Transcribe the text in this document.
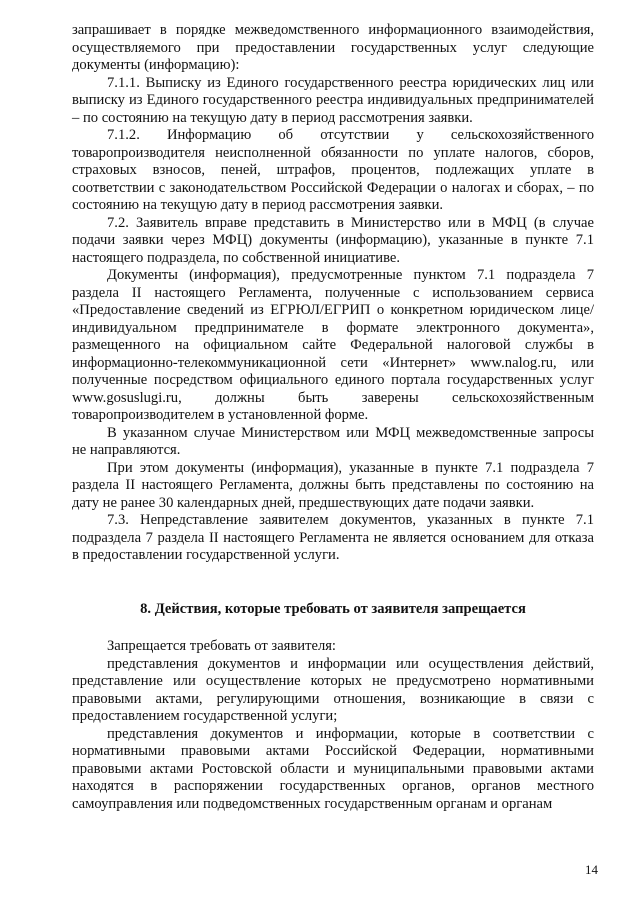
запрашивает в порядке межведомственного информационного взаимодействия, осуществляемого при предоставлении государственных услуг следующие документы (информацию):

7.1.1. Выписку из Единого государственного реестра юридических лиц или выписку из Единого государственного реестра индивидуальных предпринимателей – по состоянию на текущую дату в период рассмотрения заявки.

7.1.2. Информацию об отсутствии у сельскохозяйственного товаропроизводителя неисполненной обязанности по уплате налогов, сборов, страховых взносов, пеней, штрафов, процентов, подлежащих уплате в соответствии с законодательством Российской Федерации о налогах и сборах, – по состоянию на текущую дату в период рассмотрения заявки.

7.2. Заявитель вправе представить в Министерство или в МФЦ (в случае подачи заявки через МФЦ) документы (информацию), указанные в пункте 7.1 настоящего подраздела, по собственной инициативе.

Документы (информация), предусмотренные пунктом 7.1 подраздела 7 раздела II настоящего Регламента, полученные с использованием сервиса «Предоставление сведений из ЕГРЮЛ/ЕГРИП о конкретном юридическом лице/индивидуальном предпринимателе в формате электронного документа», размещенного на официальном сайте Федеральной налоговой службы в информационно-телекоммуникационной сети «Интернет» www.nalog.ru, или полученные посредством официального единого портала государственных услуг www.gosuslugi.ru, должны быть заверены сельскохозяйственным товаропроизводителем в установленной форме.

В указанном случае Министерством или МФЦ межведомственные запросы не направляются.

При этом документы (информация), указанные в пункте 7.1 подраздела 7 раздела II настоящего Регламента, должны быть представлены по состоянию на дату не ранее 30 календарных дней, предшествующих дате подачи заявки.

7.3. Непредставление заявителем документов, указанных в пункте 7.1 подраздела 7 раздела II настоящего Регламента не является основанием для отказа в предоставлении государственной услуги.

8. Действия, которые требовать от заявителя запрещается

Запрещается требовать от заявителя:

представления документов и информации или осуществления действий, представление или осуществление которых не предусмотрено нормативными правовыми актами, регулирующими отношения, возникающие в связи с предоставлением государственной услуги;

представления документов и информации, которые в соответствии с нормативными правовыми актами Российской Федерации, нормативными правовыми актами Ростовской области и муниципальными правовыми актами находятся в распоряжении государственных органов, органов местного самоуправления или подведомственных государственным органам и органам

14
